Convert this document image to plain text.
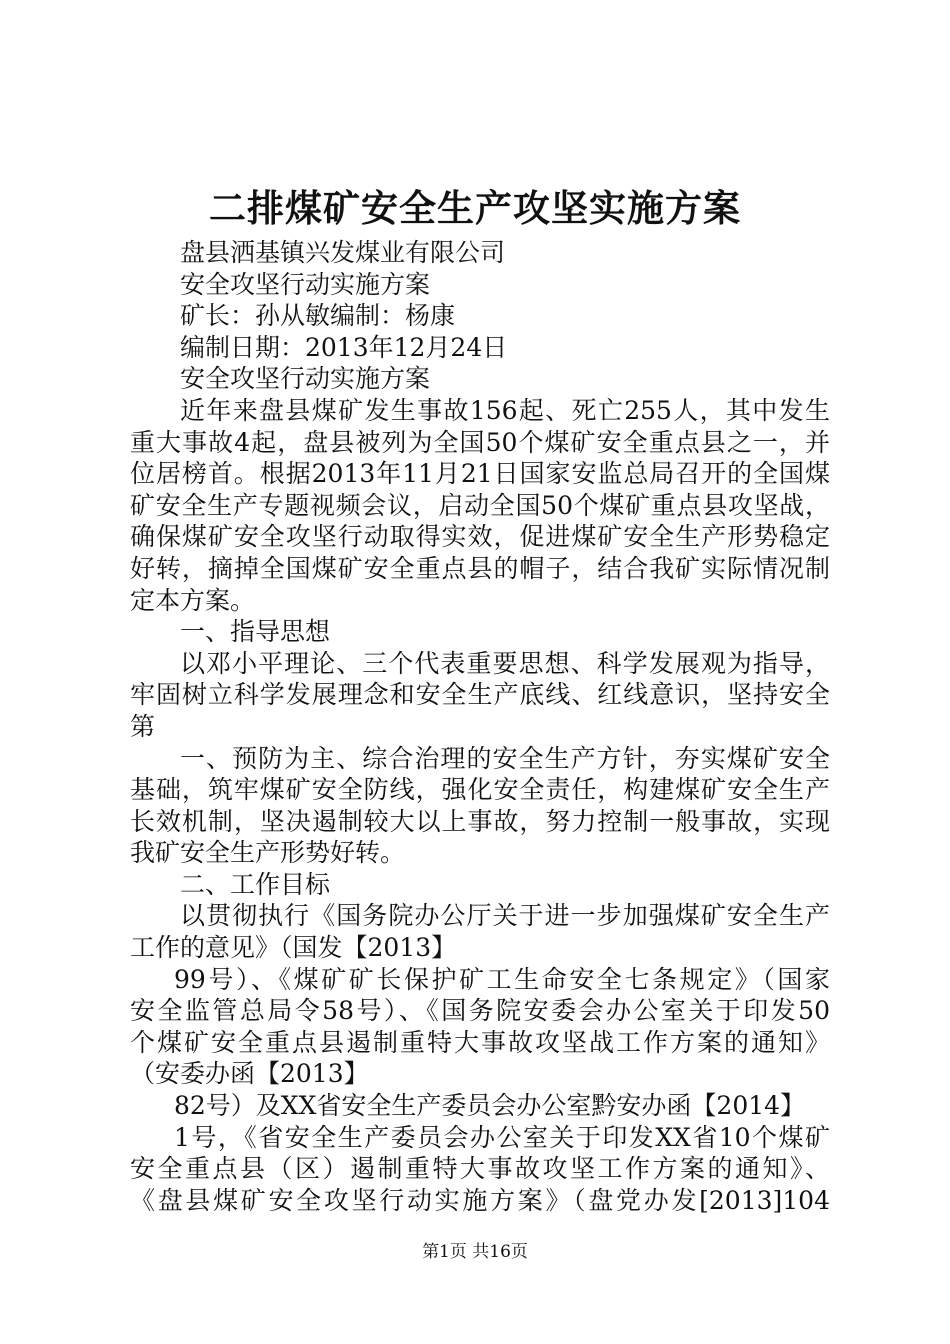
二排煤矿安全生产攻坚实施方案
盘县洒基镇兴发煤业有限公司
安全攻坚行动实施方案
矿长：孙从敏编制：杨康
编制日期：2013年12月24日
安全攻坚行动实施方案
近年来盘县煤矿发生事故156起、死亡255人，其中发生
重大事故4起，盘县被列为全国50个煤矿安全重点县之一，并
位居榜首。根据2013年11月21日国家安监总局召开的全国煤
矿安全生产专题视频会议，启动全国50个煤矿重点县攻坚战，
确保煤矿安全攻坚行动取得实效，促进煤矿安全生产形势稳定
好转，摘掉全国煤矿安全重点县的帽子，结合我矿实际情况制
定本方案。
一、指导思想
以邓小平理论、三个代表重要思想、科学发展观为指导，
牢固树立科学发展理念和安全生产底线、红线意识，坚持安全
第
一、预防为主、综合治理的安全生产方针，夯实煤矿安全
基础，筑牢煤矿安全防线，强化安全责任，构建煤矿安全生产
长效机制，坚决遏制较大以上事故，努力控制一般事故，实现
我矿安全生产形势好转。
二、工作目标
以贯彻执行《国务院办公厅关于进一步加强煤矿安全生产
工作的意见》（国发【2013】
99号）、《煤矿矿长保护矿工生命安全七条规定》（国家
安全监管总局令58号）、《国务院安委会办公室关于印发50
个煤矿安全重点县遏制重特大事故攻坚战工作方案的通知》
（安委办函【2013】
82号）及XX省安全生产委员会办公室黔安办函【2014】
1号，《省安全生产委员会办公室关于印发XX省10个煤矿
安全重点县（区）遏制重特大事故攻坚工作方案的通知》、
《盘县煤矿安全攻坚行动实施方案》（盘党办发[2013]104
第1页 共16页
